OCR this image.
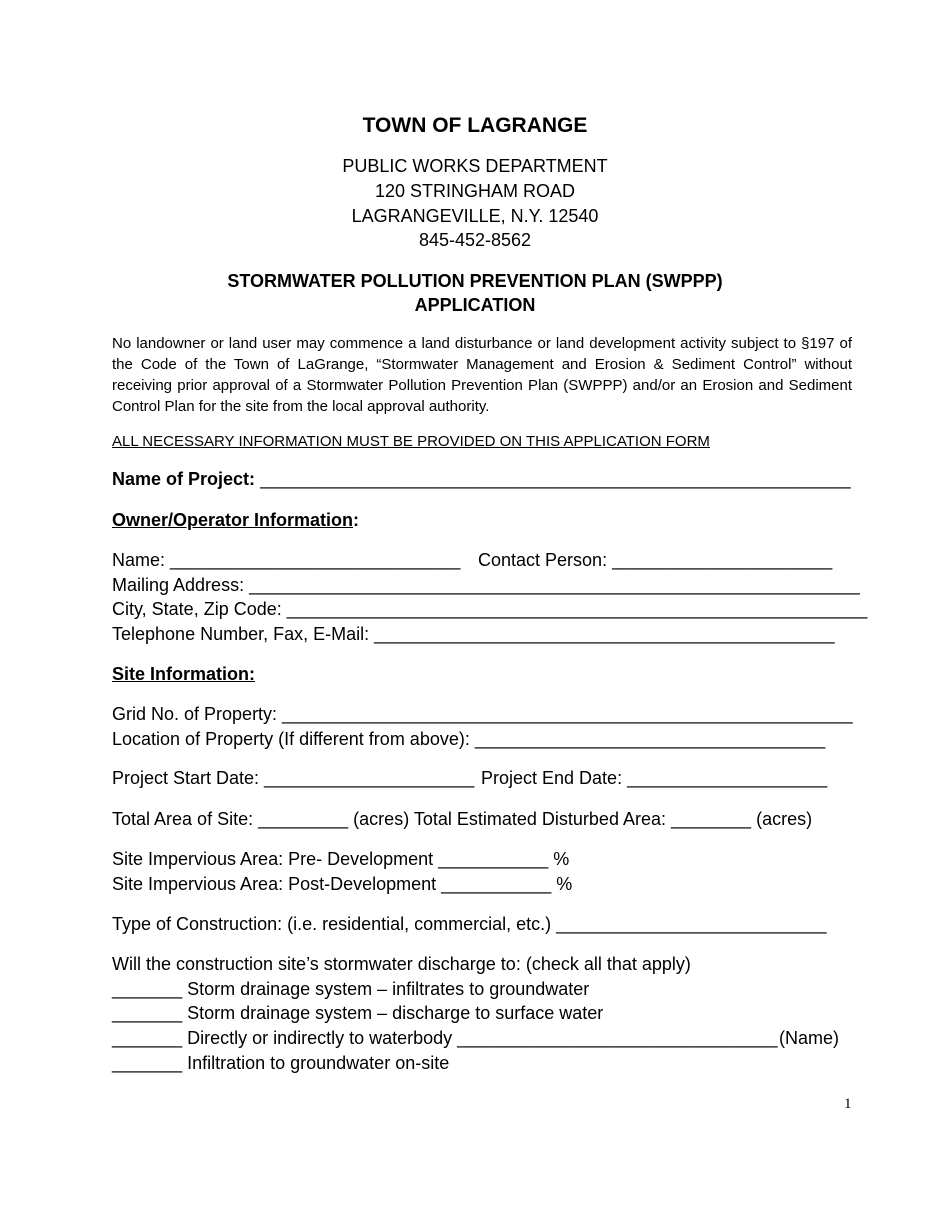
TOWN OF LAGRANGE
PUBLIC WORKS DEPARTMENT
120 STRINGHAM ROAD
LAGRANGEVILLE, N.Y. 12540
845-452-8562
STORMWATER POLLUTION PREVENTION PLAN (SWPPP)
APPLICATION
No landowner or land user may commence a land disturbance or land development activity subject to §197 of the Code of the Town of LaGrange, “Stormwater Management and Erosion & Sediment Control” without receiving prior approval of a Stormwater Pollution Prevention Plan (SWPPP) and/or an Erosion and Sediment Control Plan for the site from the local approval authority.
ALL NECESSARY INFORMATION MUST BE PROVIDED ON THIS APPLICATION FORM
Name of Project: ___________________________________________________________
Owner/Operator Information:
Name: _____________________________ Contact Person: ______________________
Mailing Address: _____________________________________________________________
City, State, Zip Code: __________________________________________________________
Telephone Number, Fax, E-Mail: ______________________________________________
Site Information:
Grid No. of Property: _________________________________________________________
Location of Property (If different from above): ___________________________________
Project Start Date: _____________________ Project End Date: ____________________
Total Area of Site: _________ (acres) Total Estimated Disturbed Area: ________ (acres)
Site Impervious Area: Pre- Development ___________ %
Site Impervious Area: Post-Development ___________ %
Type of Construction: (i.e. residential, commercial, etc.) ___________________________
Will the construction site’s stormwater discharge to: (check all that apply)
_______ Storm drainage system – infiltrates to groundwater
_______ Storm drainage system – discharge to surface water
_______ Directly or indirectly to waterbody ________________________________ (Name)
_______ Infiltration to groundwater on-site
1
